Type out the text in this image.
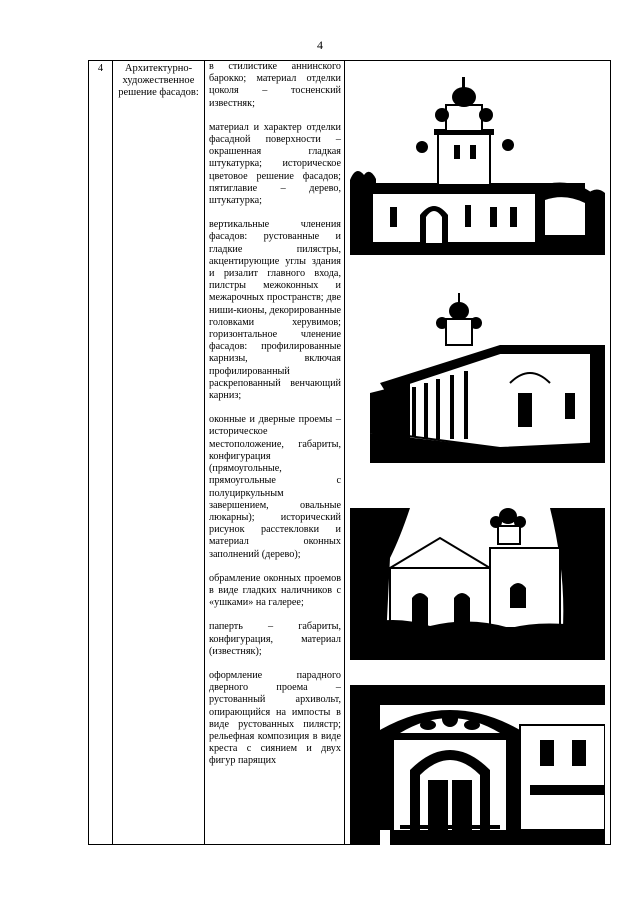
4
4	Архитектурно-художественное решение фасадов:	
в стилистике аннинского барокко; материал отделки цоколя – тосненский известняк;
материал и характер отделки фасадной поверхности – окрашенная гладкая штукатурка; историческое цветовое решение фасадов; пятиглавие – дерево, штукатурка;
вертикальные членения фасадов: рустованные и гладкие пилястры, акцентирующие углы здания и ризалит главного входа, пилстры межоконных и межарочных пространств; две ниши-кионы, декорированные головками херувимов; горизонтальное членение фасадов: профилированные карнизы, включая профилированный раскрепованный венчающий карниз;
оконные и дверные проемы – историческое местоположение, габариты, конфигурация (прямоугольные, прямоугольные с полуциркульным завершением, овальные люкарны); исторический рисунок расстекловки и материал оконных заполнений (дерево);
обрамление оконных проемов в виде гладких наличников с «ушками» на галерее;
паперть – габариты, конфигурация, материал (известняк);
оформление парадного дверного проема – рустованный архивольт, опирающийся на импосты в виде рустованных пилястр; рельефная композиция в виде креста с сиянием и двух фигур парящих
